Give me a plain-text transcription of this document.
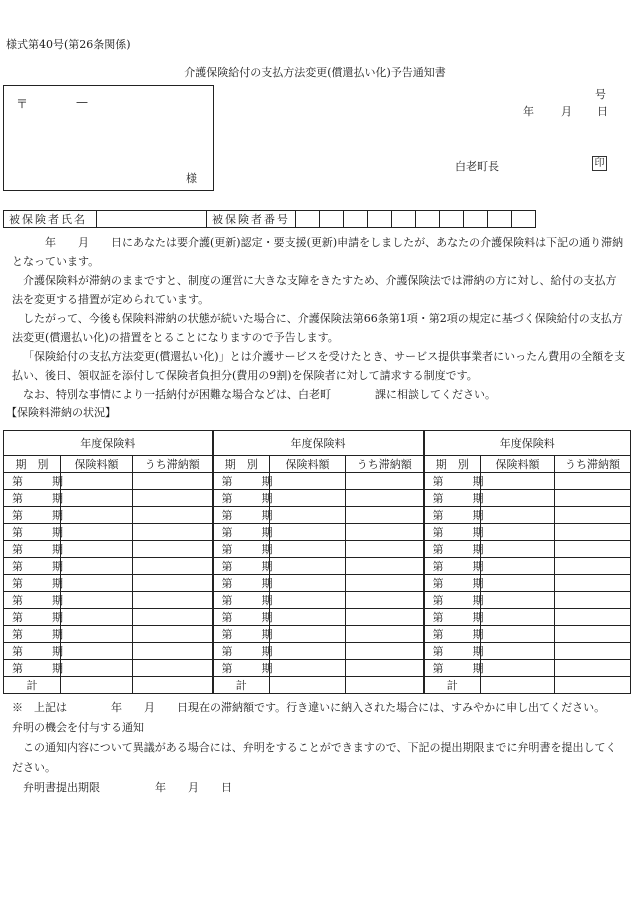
様式第40号(第26条関係)
介護保険給付の支払方法変更(償還払い化)予告通知書
〒	—
様
号
年 月 日
白老町長	印
被保険者氏名		被保険者番号										

　　年　　月　　日にあなたは要介護(更新)認定・要支援(更新)申請をしましたが、あなたの介護保険料は下記の通り滞納となっています。

介護保険料が滞納のままですと、制度の運営に大きな支障をきたすため、介護保険法では滞納の方に対し、給付の支払方法を変更する措置が定められています。

したがって、今後も保険料滞納の状態が続いた場合に、介護保険法第66条第1項・第2項の規定に基づく保険給付の支払方法変更(償還払い化)の措置をとることになりますので予告します。

「保険給付の支払方法変更(償還払い化)」とは介護サービスを受けたとき、サービス提供事業者にいったん費用の全額を支払い、後日、領収証を添付して保険者負担分(費用の9割)を保険者に対して請求する制度です。

なお、特別な事情により一括納付が困難な場合などは、白老町　　　　課に相談してください。

【保険料滞納の状況】
年度保険料			年度保険料			年度保険料		
期　別	保険料額	うち滞納額	期　別	保険料額	うち滞納額	期　別	保険料額	うち滞納額
第　期			第　期			第　期		
第　期			第　期			第　期		
第　期			第　期			第　期		
第　期			第　期			第　期		
第　期			第　期			第　期		
第　期			第　期			第　期		
第　期			第　期			第　期		
第　期			第　期			第　期		
第　期			第　期			第　期		
第　期			第　期			第　期		
第　期			第　期			第　期		
第　期			第　期			第　期		
計			計			計		

※　上記は　　　　年　　月　　日現在の滞納額です。行き違いに納入された場合には、すみやかに申し出てください。

弁明の機会を付与する通知

この通知内容について異議がある場合には、弁明をすることができますので、下記の提出期限までに弁明書を提出してください。

弁明書提出期限　　　　　年　　月　　日
